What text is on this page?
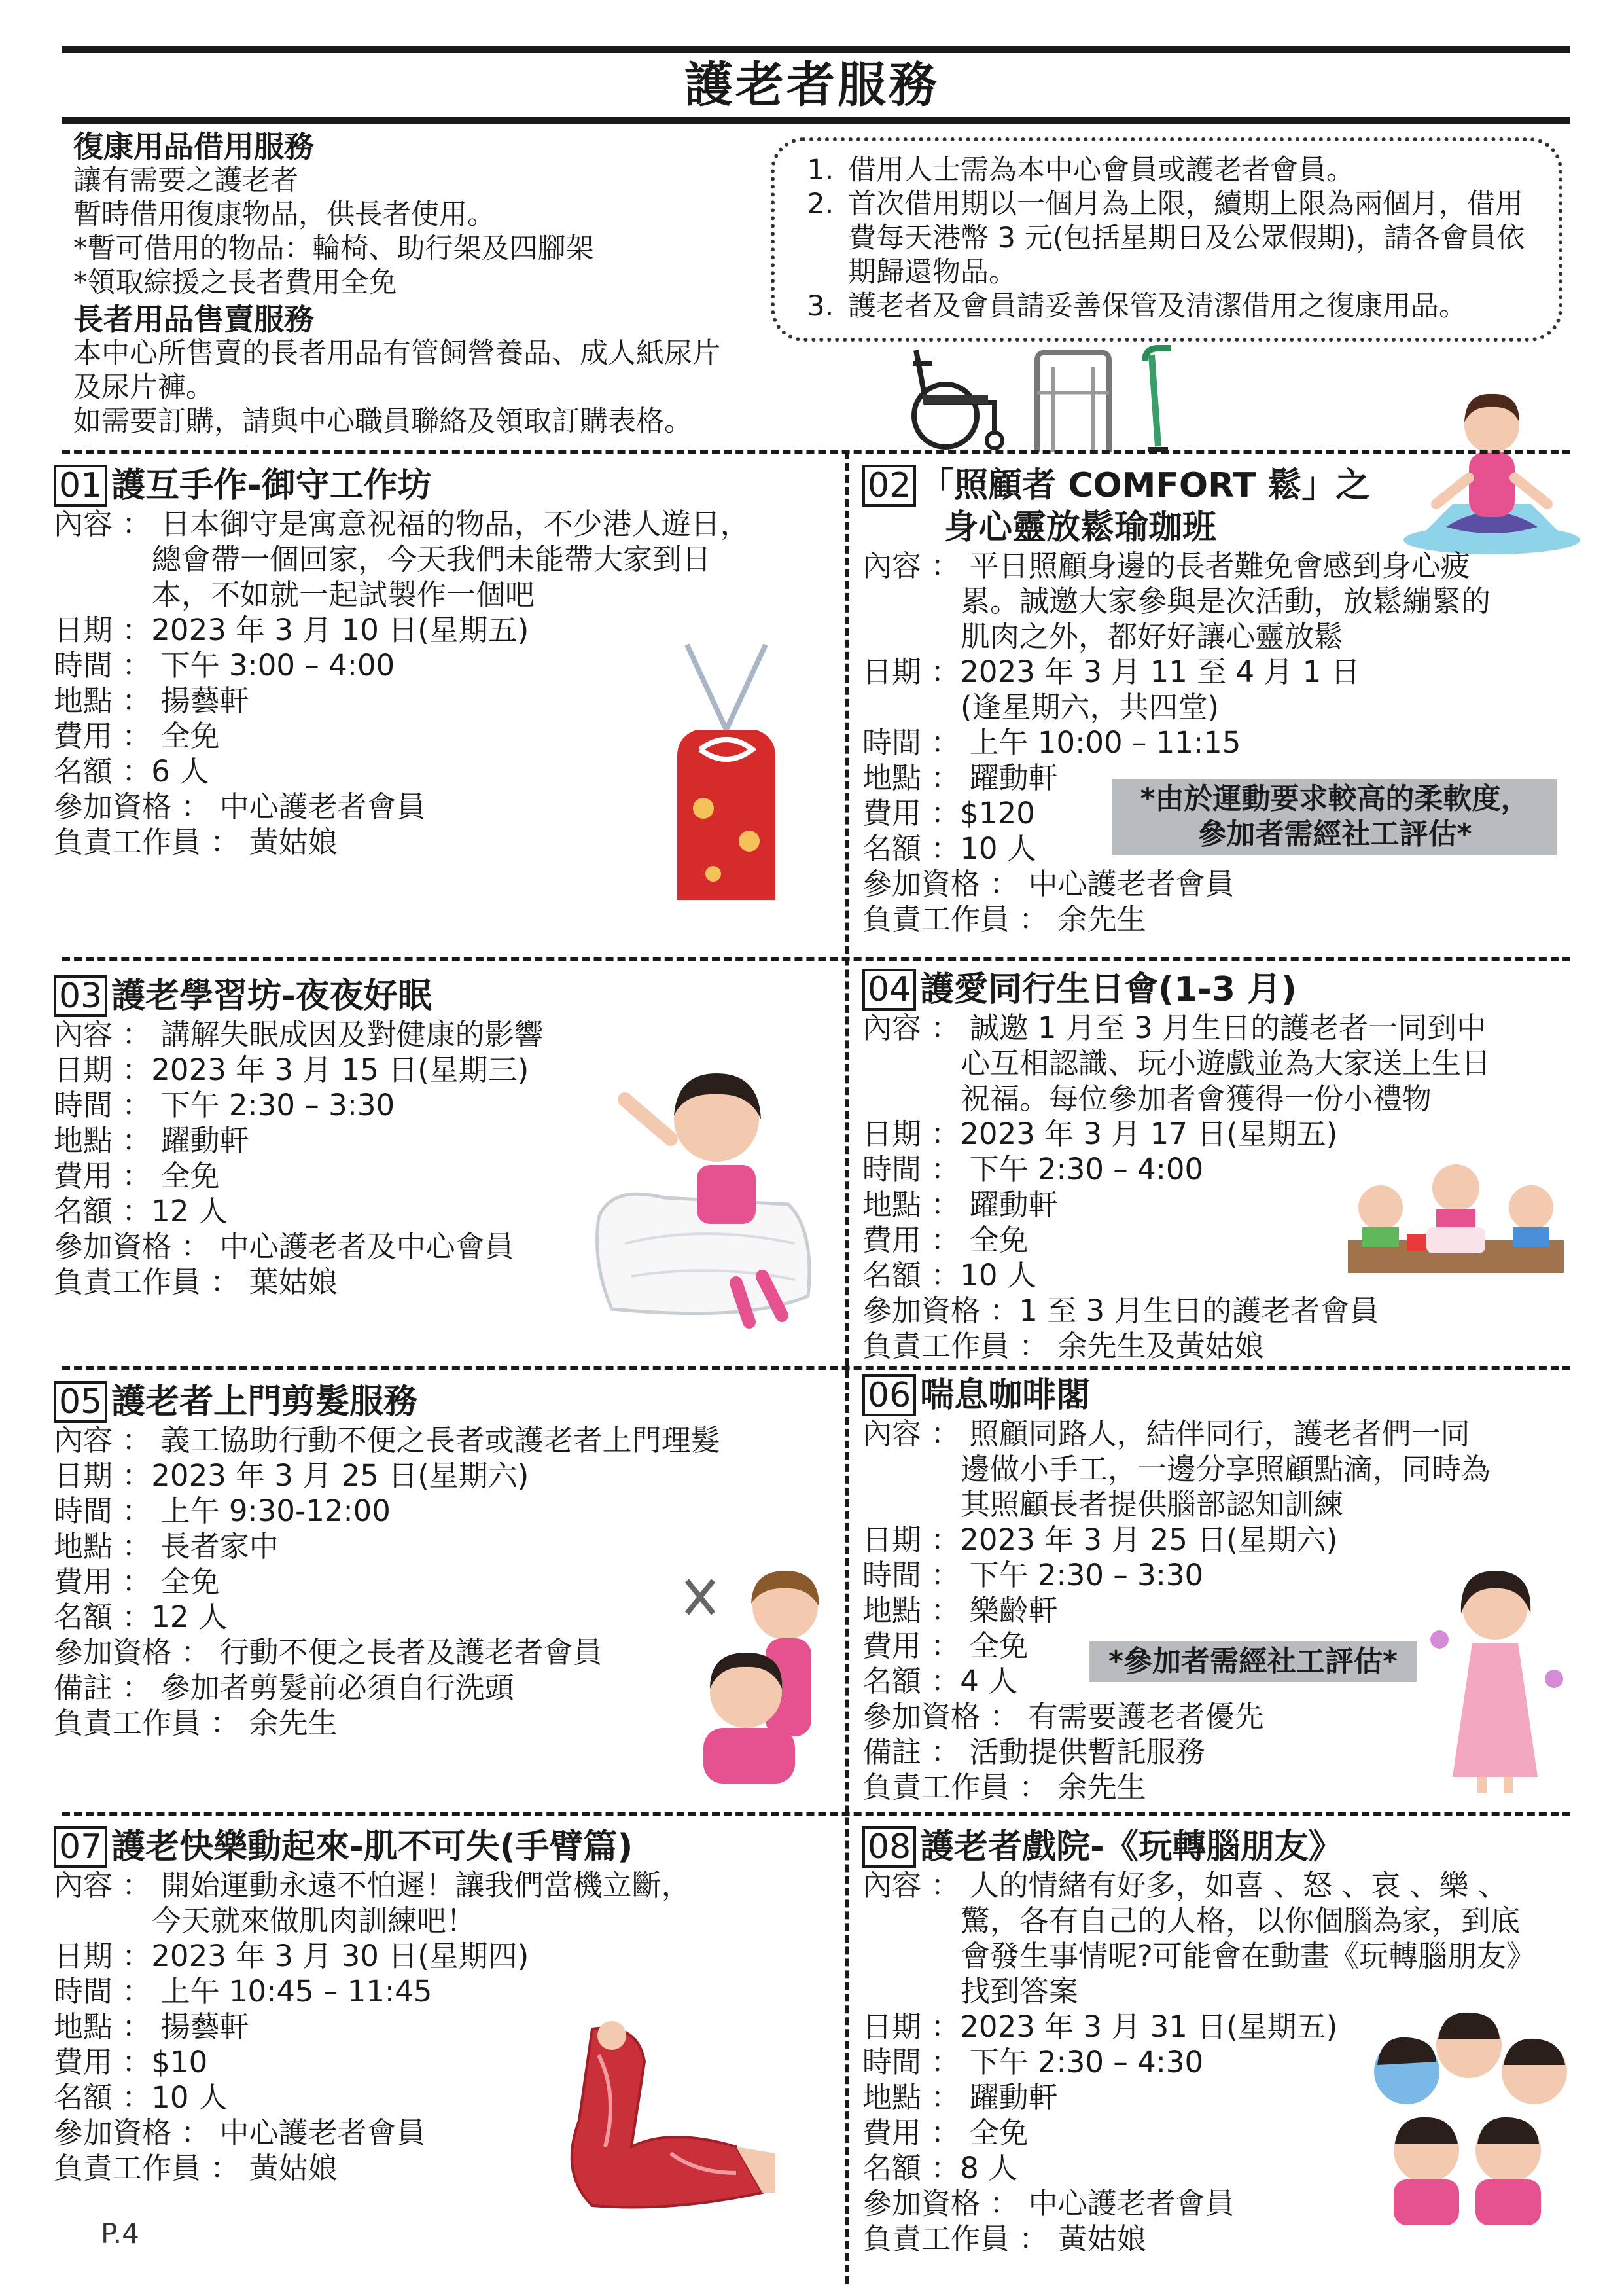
護老者服務
復康用品借用服務
讓有需要之護老者
暫時借用復康物品，供長者使用。
*暫可借用的物品：輪椅、助行架及四腳架
*領取綜援之長者費用全免
長者用品售賣服務
本中心所售賣的長者用品有管飼營養品、成人紙尿片
及尿片褲。
如需要訂購，請與中心職員聯絡及領取訂購表格。
1. 借用人士需為本中心會員或護老者會員。
2. 首次借用期以一個月為上限，續期上限為兩個月，借用費每天港幣 3 元(包括星期日及公眾假期)，請各會員依期歸還物品。
3. 護老者及會員請妥善保管及清潔借用之復康用品。
01 護互手作-御守工作坊
內容 ： 日本御守是寓意祝福的物品，不少港人遊日，
總會帶一個回家，今天我們未能帶大家到日
本，不如就一起試製作一個吧
日期 ：2023 年 3 月 10 日(星期五)
時間 ： 下午 3:00 – 4:00
地點 ： 揚藝軒
費用 ： 全免
名額 ：6 人
參加資格 ： 中心護老者會員
負責工作員 ： 黃姑娘
02 「照顧者 COMFORT 鬆」之
身心靈放鬆瑜珈班
內容 ： 平日照顧身邊的長者難免會感到身心疲
累。誠邀大家參與是次活動，放鬆繃緊的
肌肉之外，都好好讓心靈放鬆
日期 ：2023 年 3 月 11 至 4 月 1 日
(逢星期六，共四堂)
時間 ： 上午 10:00 – 11:15
地點 ： 躍動軒
費用 ：$120
名額 ：10 人
參加資格 ： 中心護老者會員
負責工作員 ： 余先生
*由於運動要求較高的柔軟度，
參加者需經社工評估*
03 護老學習坊-夜夜好眠
內容 ： 講解失眠成因及對健康的影響
日期 ：2023 年 3 月 15 日(星期三)
時間 ： 下午 2:30 – 3:30
地點 ： 躍動軒
費用 ： 全免
名額 ：12 人
參加資格 ： 中心護老者及中心會員
負責工作員 ： 葉姑娘
04 護愛同行生日會(1-3 月)
內容 ： 誠邀 1 月至 3 月生日的護老者一同到中
心互相認識、玩小遊戲並為大家送上生日
祝福。每位參加者會獲得一份小禮物
日期 ：2023 年 3 月 17 日(星期五)
時間 ： 下午 2:30 – 4:00
地點 ： 躍動軒
費用 ： 全免
名額 ：10 人
參加資格 ：1 至 3 月生日的護老者會員
負責工作員 ： 余先生及黃姑娘
05 護老者上門剪髮服務
內容 ： 義工協助行動不便之長者或護老者上門理髮
日期 ：2023 年 3 月 25 日(星期六)
時間 ： 上午 9:30-12:00
地點 ： 長者家中
費用 ： 全免
名額 ：12 人
參加資格 ： 行動不便之長者及護老者會員
備註 ： 參加者剪髮前必須自行洗頭
負責工作員 ： 余先生
06 喘息咖啡閣
內容 ： 照顧同路人，結伴同行，護老者們一同
邊做小手工，一邊分享照顧點滴，同時為
其照顧長者提供腦部認知訓練
日期 ：2023 年 3 月 25 日(星期六)
時間 ： 下午 2:30 – 3:30
地點 ： 樂齡軒
費用 ： 全免
名額 ：4 人
參加資格 ： 有需要護老者優先
備註 ： 活動提供暫託服務
負責工作員 ： 余先生
*參加者需經社工評估*
07 護老快樂動起來-肌不可失(手臂篇)
內容 ： 開始運動永遠不怕遲！讓我們當機立斷，
今天就來做肌肉訓練吧！
日期 ：2023 年 3 月 30 日(星期四)
時間 ： 上午 10:45 – 11:45
地點 ： 揚藝軒
費用 ：$10
名額 ：10 人
參加資格 ： 中心護老者會員
負責工作員 ： 黃姑娘
08 護老者戲院-《玩轉腦朋友》
內容 ： 人的情緒有好多，如喜 、怒 、哀 、樂 、
驚，各有自己的人格，以你個腦為家，到底
會發生事情呢?可能會在動畫《玩轉腦朋友》
找到答案
日期 ：2023 年 3 月 31 日(星期五)
時間 ： 下午 2:30 – 4:30
地點 ： 躍動軒
費用 ： 全免
名額 ：8 人
參加資格 ： 中心護老者會員
負責工作員 ： 黃姑娘
P.4
